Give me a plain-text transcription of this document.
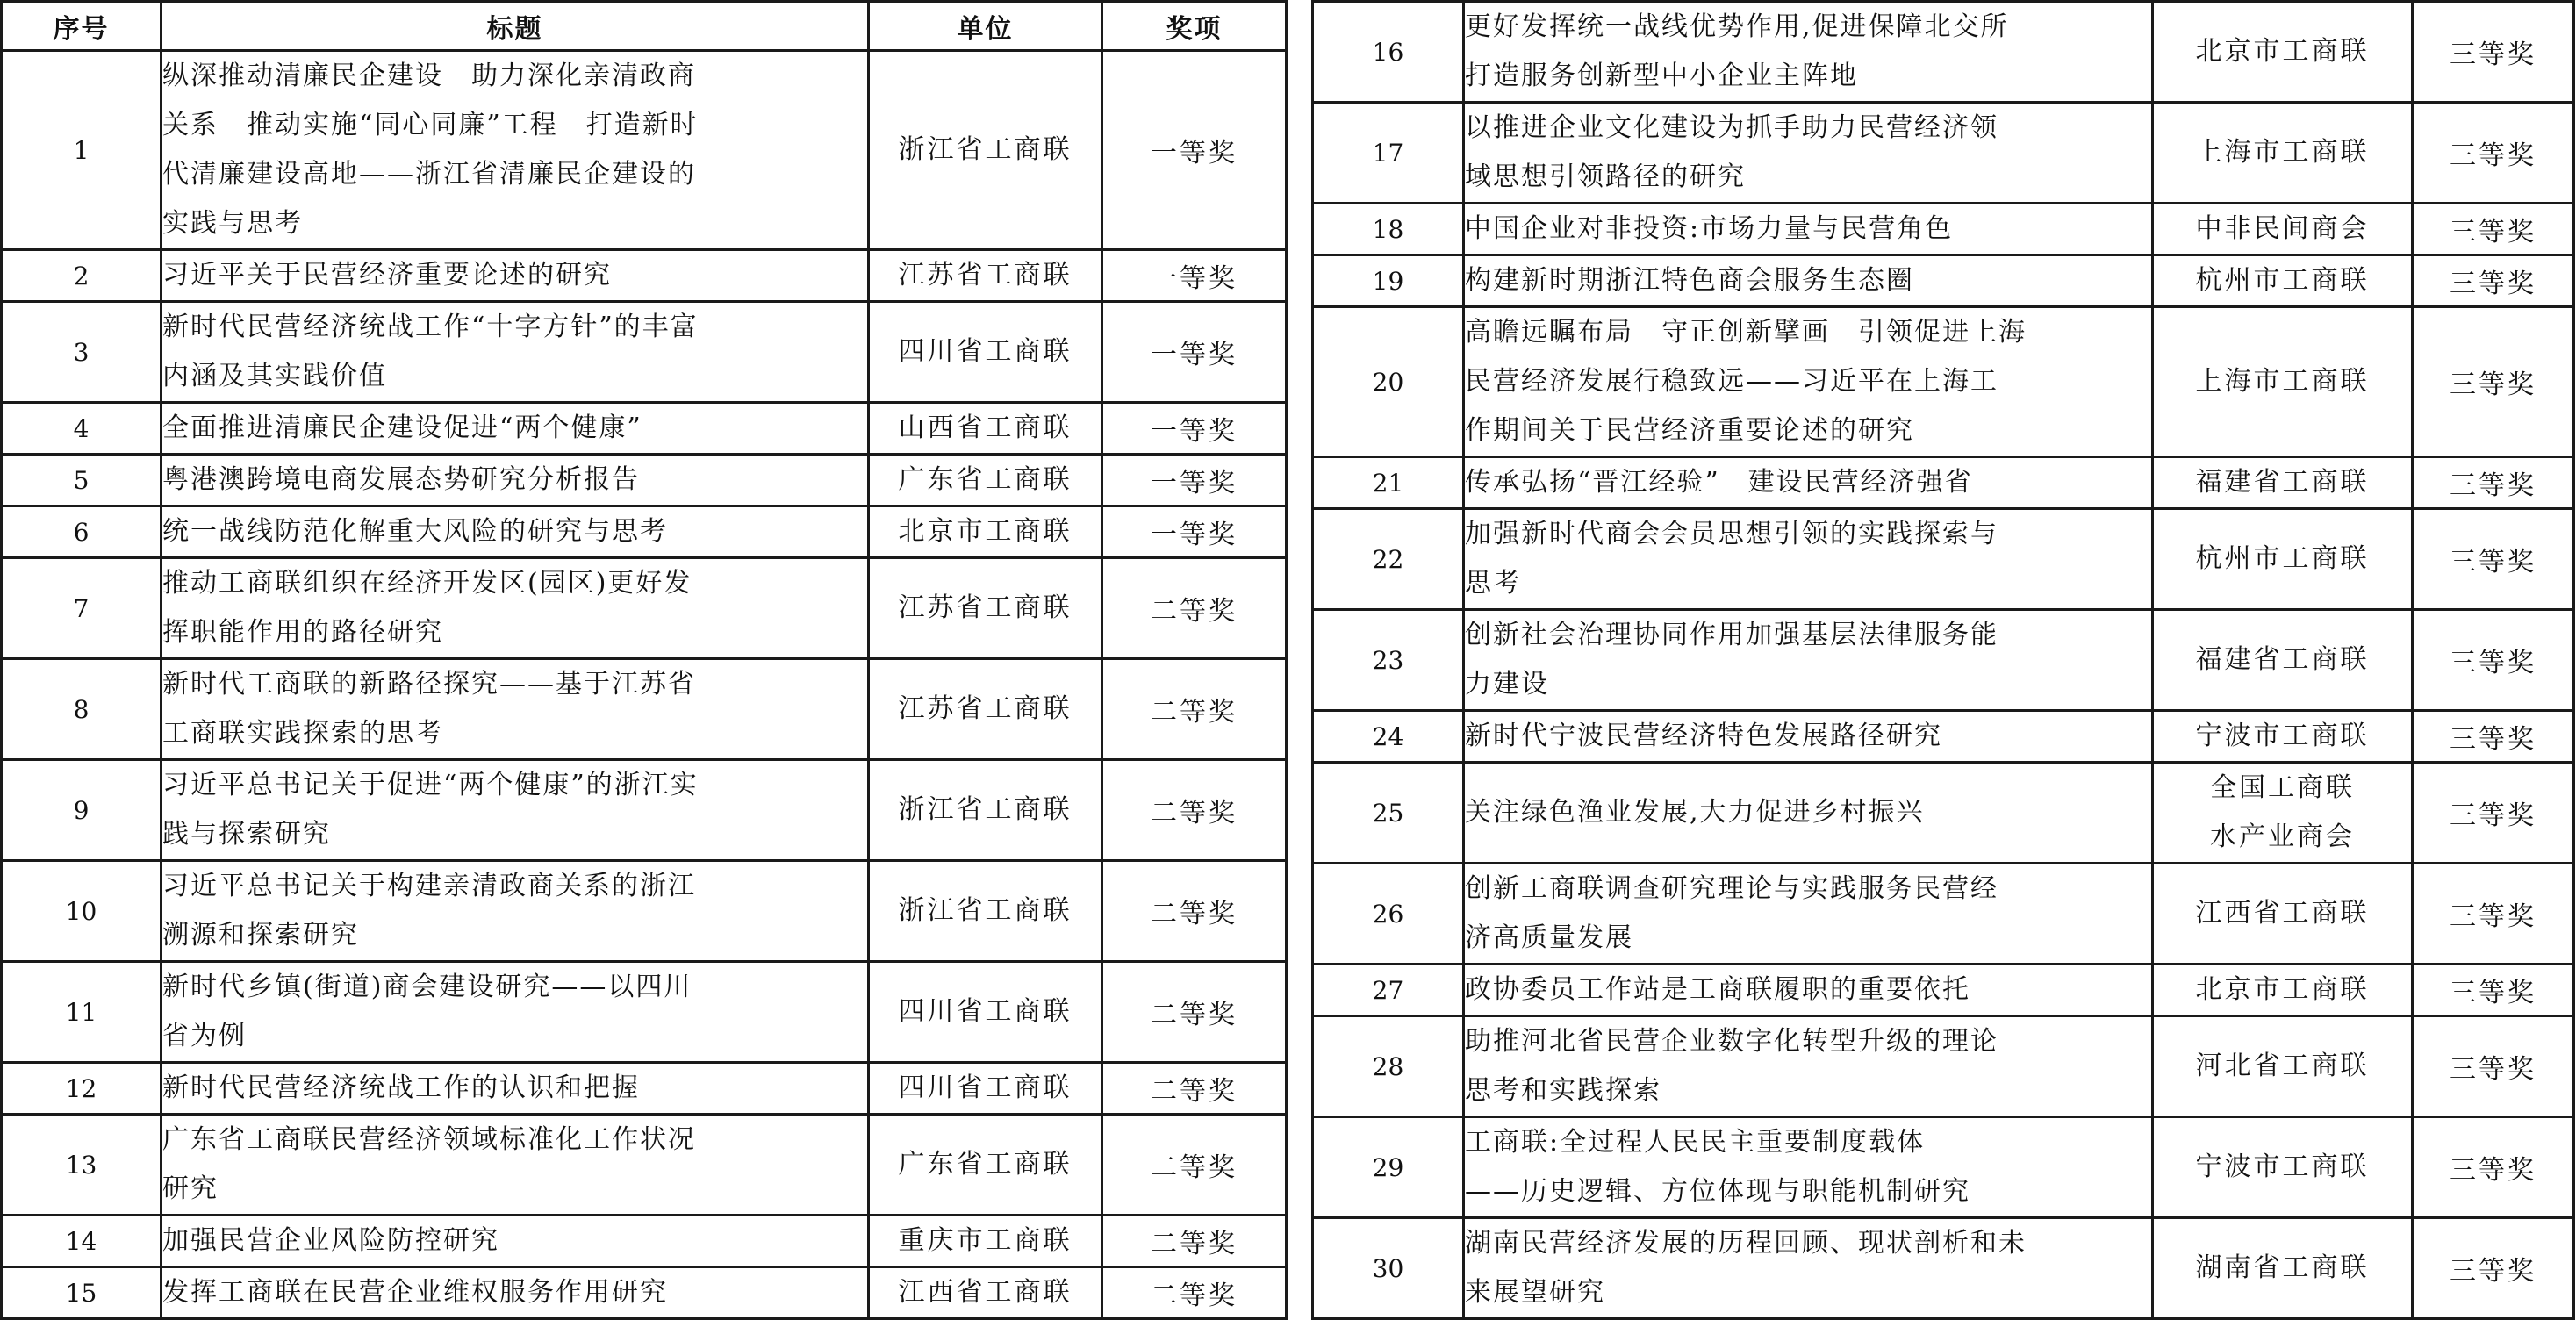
序号	标题	单位	奖项
1	纵深推动清廉民企建设　助力深化亲清政商
关系　推动实施“同心同廉”工程　打造新时
代清廉建设高地——浙江省清廉民企建设的
实践与思考	浙江省工商联	一等奖
2	习近平关于民营经济重要论述的研究	江苏省工商联	一等奖
3	新时代民营经济统战工作“十字方针”的丰富
内涵及其实践价值	四川省工商联	一等奖
4	全面推进清廉民企建设促进“两个健康”	山西省工商联	一等奖
5	粤港澳跨境电商发展态势研究分析报告	广东省工商联	一等奖
6	统一战线防范化解重大风险的研究与思考	北京市工商联	一等奖
7	推动工商联组织在经济开发区(园区)更好发
挥职能作用的路径研究	江苏省工商联	二等奖
8	新时代工商联的新路径探究——基于江苏省
工商联实践探索的思考	江苏省工商联	二等奖
9	习近平总书记关于促进“两个健康”的浙江实
践与探索研究	浙江省工商联	二等奖
10	习近平总书记关于构建亲清政商关系的浙江
溯源和探索研究	浙江省工商联	二等奖
11	新时代乡镇(街道)商会建设研究——以四川
省为例	四川省工商联	二等奖
12	新时代民营经济统战工作的认识和把握	四川省工商联	二等奖
13	广东省工商联民营经济领域标准化工作状况
研究	广东省工商联	二等奖
14	加强民营企业风险防控研究	重庆市工商联	二等奖
15	发挥工商联在民营企业维权服务作用研究	江西省工商联	二等奖
16	更好发挥统一战线优势作用,促进保障北交所
打造服务创新型中小企业主阵地	北京市工商联	三等奖
17	以推进企业文化建设为抓手助力民营经济领
域思想引领路径的研究	上海市工商联	三等奖
18	中国企业对非投资:市场力量与民营角色	中非民间商会	三等奖
19	构建新时期浙江特色商会服务生态圈	杭州市工商联	三等奖
20	高瞻远瞩布局　守正创新擘画　引领促进上海
民营经济发展行稳致远——习近平在上海工
作期间关于民营经济重要论述的研究	上海市工商联	三等奖
21	传承弘扬“晋江经验”　建设民营经济强省	福建省工商联	三等奖
22	加强新时代商会会员思想引领的实践探索与
思考	杭州市工商联	三等奖
23	创新社会治理协同作用加强基层法律服务能
力建设	福建省工商联	三等奖
24	新时代宁波民营经济特色发展路径研究	宁波市工商联	三等奖
25	关注绿色渔业发展,大力促进乡村振兴	全国工商联
水产业商会	三等奖
26	创新工商联调查研究理论与实践服务民营经
济高质量发展	江西省工商联	三等奖
27	政协委员工作站是工商联履职的重要依托	北京市工商联	三等奖
28	助推河北省民营企业数字化转型升级的理论
思考和实践探索	河北省工商联	三等奖
29	工商联:全过程人民民主重要制度载体
——历史逻辑、方位体现与职能机制研究	宁波市工商联	三等奖
30	湖南民营经济发展的历程回顾、现状剖析和未
来展望研究	湖南省工商联	三等奖
